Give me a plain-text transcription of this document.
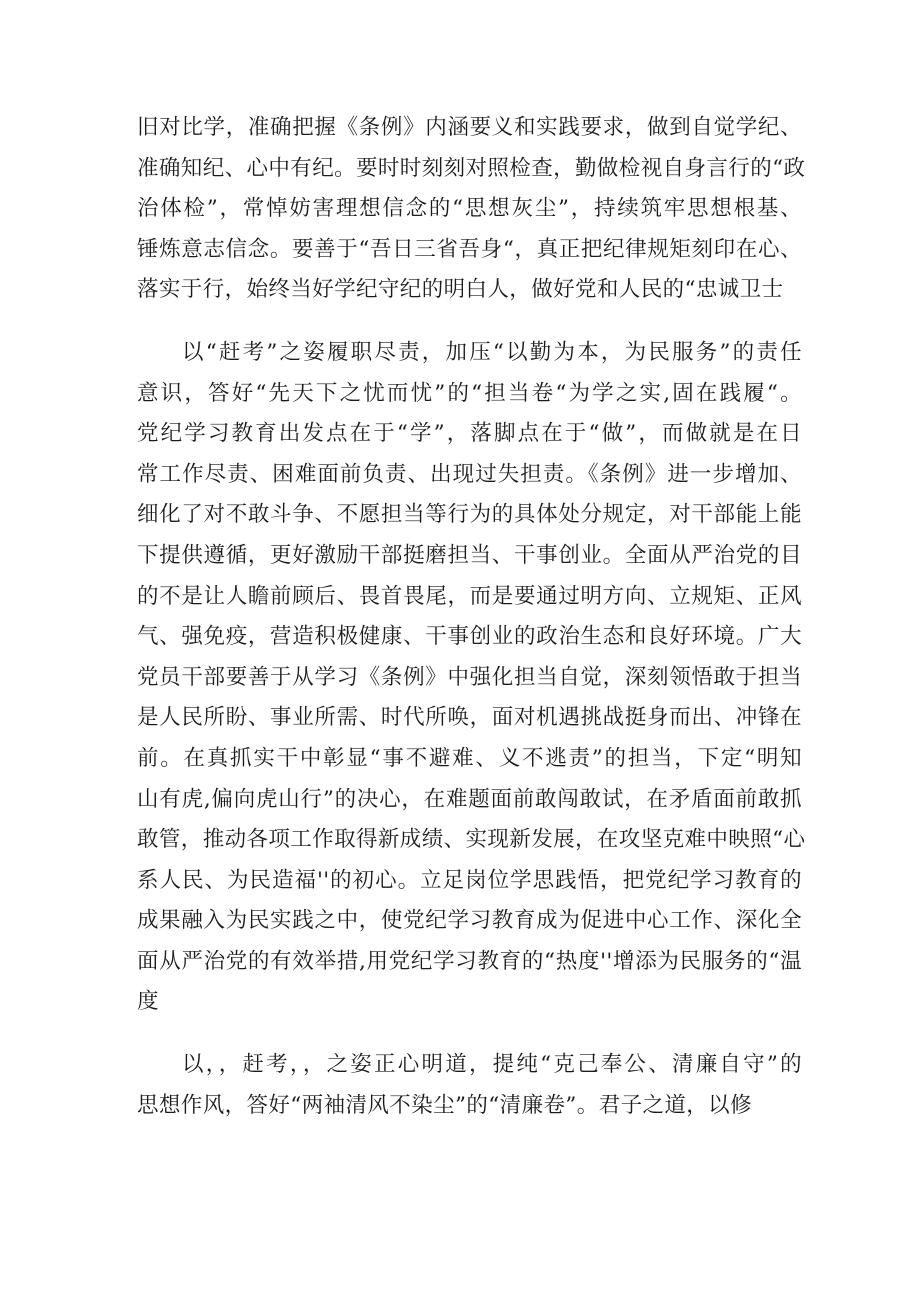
旧对比学，准确把握《条例》内涵要义和实践要求，做到自觉学纪、
准确知纪、心中有纪。要时时刻刻对照检查，勤做检视自身言行的“政
治体检”，常悼妨害理想信念的“思想灰尘”，持续筑牢思想根基、
锤炼意志信念。要善于“吾日三省吾身“，真正把纪律规矩刻印在心、
落实于行，始终当好学纪守纪的明白人，做好党和人民的“忠诚卫士
以“赶考”之姿履职尽责，加压“以勤为本，为民服务”的责任
意识，答好“先天下之忧而忧”的“担当卷“为学之实,固在践履“。
党纪学习教育出发点在于“学”，落脚点在于“做”，而做就是在日
常工作尽责、困难面前负责、出现过失担责。《条例》进一步增加、
细化了对不敢斗争、不愿担当等行为的具体处分规定，对干部能上能
下提供遵循，更好激励干部挺磨担当、干事创业。全面从严治党的目
的不是让人瞻前顾后、畏首畏尾，而是要通过明方向、立规矩、正风
气、强免疫，营造积极健康、干事创业的政治生态和良好环境。广大
党员干部要善于从学习《条例》中强化担当自觉，深刻领悟敢于担当
是人民所盼、事业所需、时代所唤，面对机遇挑战挺身而出、冲锋在
前。在真抓实干中彰显“事不避难、义不逃责”的担当，下定“明知
山有虎,偏向虎山行”的决心，在难题面前敢闯敢试，在矛盾面前敢抓
敢管，推动各项工作取得新成绩、实现新发展，在攻坚克难中映照“心
系人民、为民造福''的初心。立足岗位学思践悟，把党纪学习教育的
成果融入为民实践之中，使党纪学习教育成为促进中心工作、深化全
面从严治党的有效举措,用党纪学习教育的“热度''增添为民服务的“温
度
以，，赶考，，之姿正心明道，提纯“克己奉公、清廉自守”的
思想作风，答好“两袖清风不染尘”的“清廉卷”。君子之道，以修
